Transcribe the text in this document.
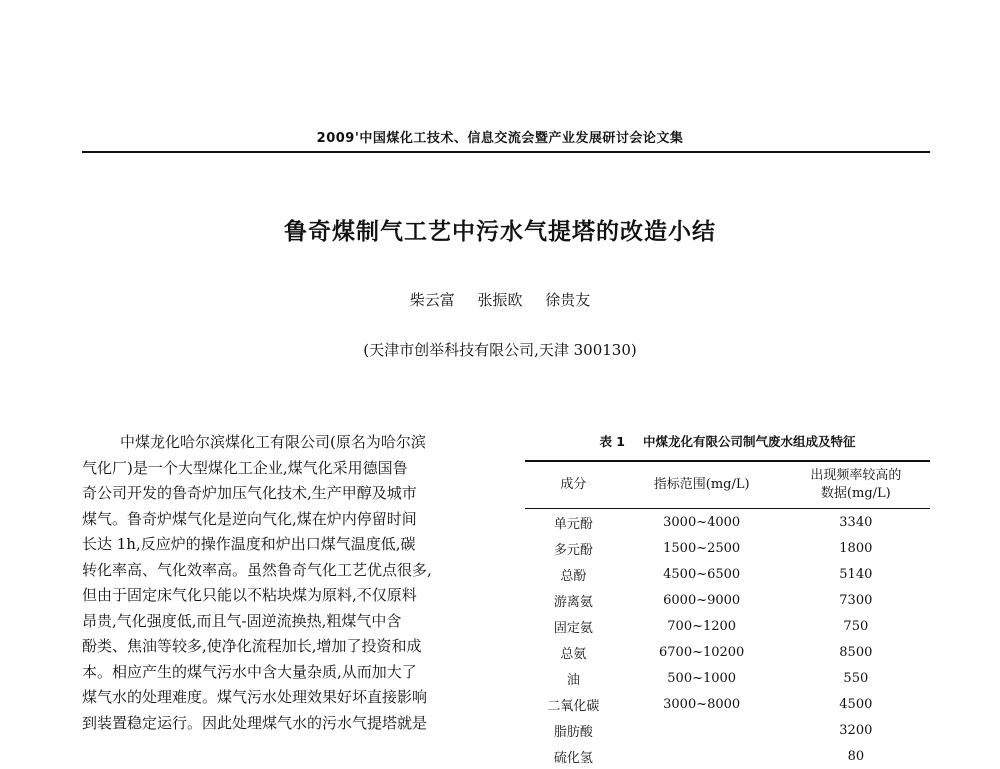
2009'中国煤化工技术、信息交流会暨产业发展研讨会论文集
鲁奇煤制气工艺中污水气提塔的改造小结
柴云富 张振欧 徐贵友
(天津市创举科技有限公司,天津 300130)
中煤龙化哈尔滨煤化工有限公司(原名为哈尔滨
气化厂)是一个大型煤化工企业,煤气化采用德国鲁
奇公司开发的鲁奇炉加压气化技术,生产甲醇及城市
煤气。鲁奇炉煤气化是逆向气化,煤在炉内停留时间
长达 1h,反应炉的操作温度和炉出口煤气温度低,碳
转化率高、气化效率高。虽然鲁奇气化工艺优点很多,
但由于固定床气化只能以不粘块煤为原料,不仅原料
昂贵,气化强度低,而且气-固逆流换热,粗煤气中含
酚类、焦油等较多,使净化流程加长,增加了投资和成
本。相应产生的煤气污水中含大量杂质,从而加大了
煤气水的处理难度。煤气污水处理效果好坏直接影响
到装置稳定运行。因此处理煤气水的污水气提塔就是
表 1 中煤龙化有限公司制气废水组成及特征
成分	指标范围(mg/L)	出现频率较高的
数据(mg/L)

单元酚	3000~4000	3340
多元酚	1500~2500	1800
总酚	4500~6500	5140
游离氨	6000~9000	7300
固定氨	700~1200	750
总氨	6700~10200	8500
油	500~1000	550
二氧化碳	3000~8000	4500
脂肪酸		3200
硫化氢		80
